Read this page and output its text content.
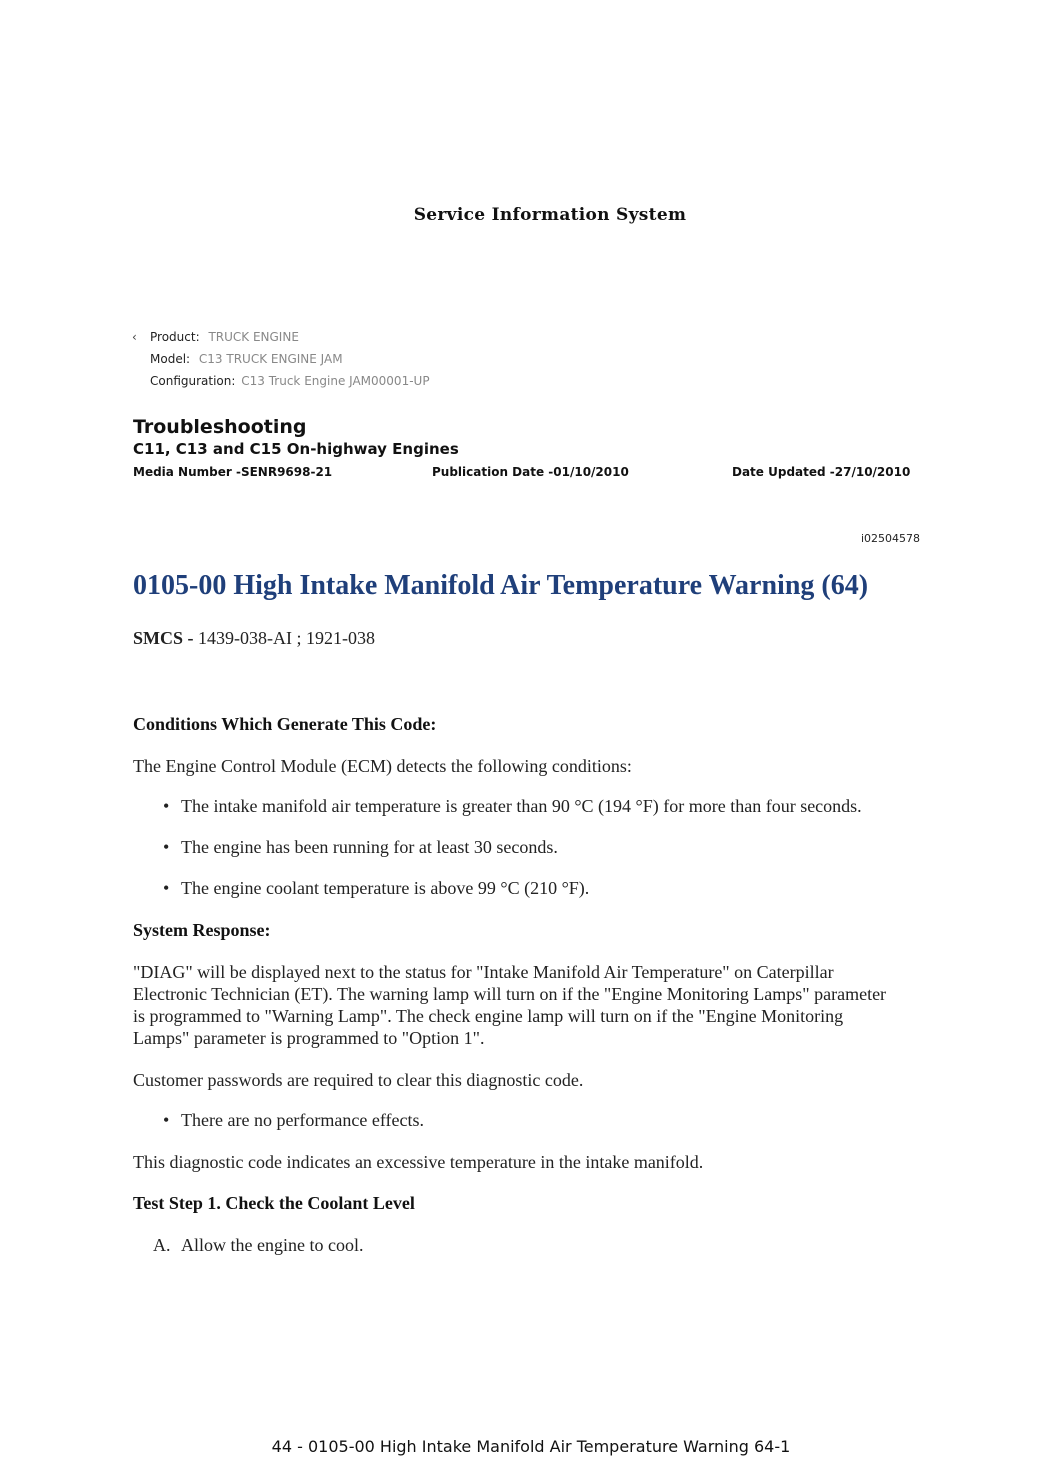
Service Information System
‹ Product: TRUCK ENGINE
Model: C13 TRUCK ENGINE JAM
Configuration: C13 Truck Engine JAM00001-UP
Troubleshooting
C11, C13 and C15 On-highway Engines
Media Number -SENR9698-21	Publication Date -01/10/2010	Date Updated -27/10/2010
i02504578
0105-00 High Intake Manifold Air Temperature Warning (64)
SMCS - 1439-038-AI ; 1921-038
Conditions Which Generate This Code:
The Engine Control Module (ECM) detects the following conditions:
• The intake manifold air temperature is greater than 90 °C (194 °F) for more than four seconds.
• The engine has been running for at least 30 seconds.
• The engine coolant temperature is above 99 °C (210 °F).
System Response:
"DIAG" will be displayed next to the status for "Intake Manifold Air Temperature" on Caterpillar Electronic Technician (ET). The warning lamp will turn on if the "Engine Monitoring Lamps" parameter is programmed to "Warning Lamp". The check engine lamp will turn on if the "Engine Monitoring Lamps" parameter is programmed to "Option 1".
Customer passwords are required to clear this diagnostic code.
• There are no performance effects.
This diagnostic code indicates an excessive temperature in the intake manifold.
Test Step 1. Check the Coolant Level
A. Allow the engine to cool.
44 - 0105-00 High Intake Manifold Air Temperature Warning 64-1
